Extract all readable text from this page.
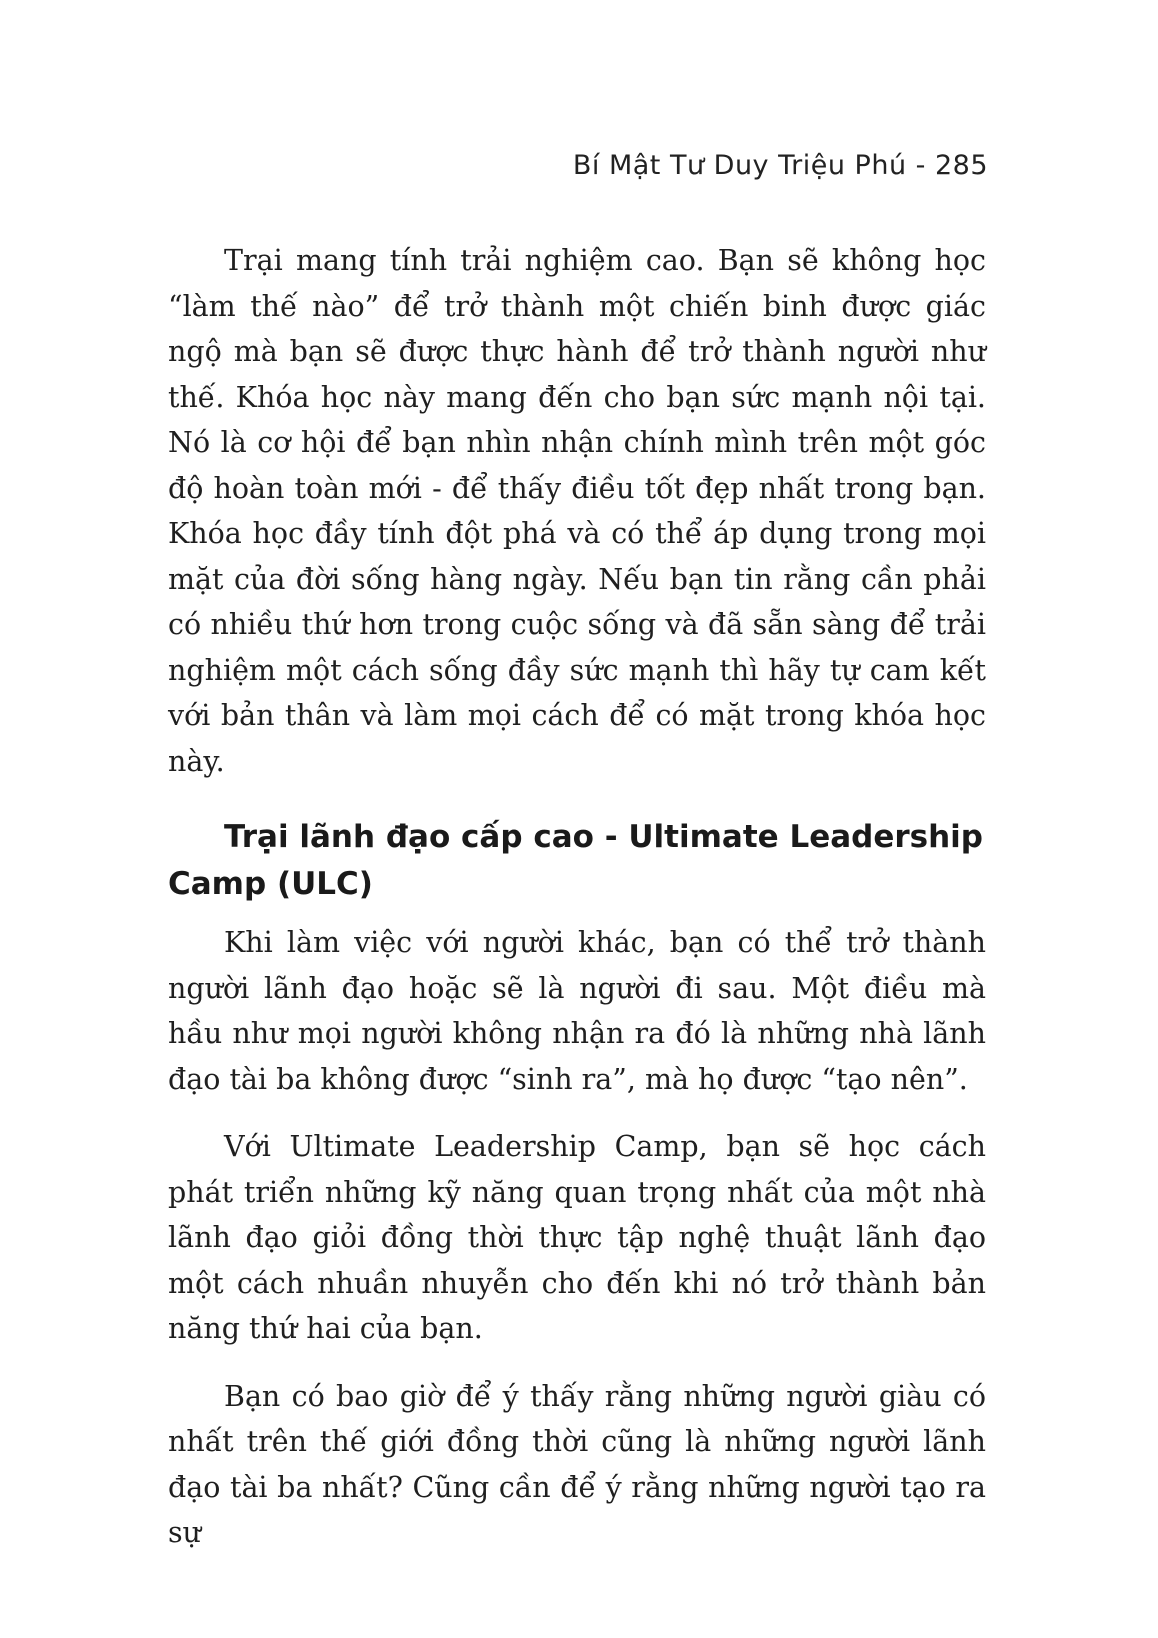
Bí Mật Tư Duy Triệu Phú - 285

Trại mang tính trải nghiệm cao. Bạn sẽ không học “làm thế nào” để trở thành một chiến binh được giác ngộ mà bạn sẽ được thực hành để trở thành người như thế. Khóa học này mang đến cho bạn sức mạnh nội tại. Nó là cơ hội để bạn nhìn nhận chính mình trên một góc độ hoàn toàn mới - để thấy điều tốt đẹp nhất trong bạn. Khóa học đầy tính đột phá và có thể áp dụng trong mọi mặt của đời sống hàng ngày. Nếu bạn tin rằng cần phải có nhiều thứ hơn trong cuộc sống và đã sẵn sàng để trải nghiệm một cách sống đầy sức mạnh thì hãy tự cam kết với bản thân và làm mọi cách để có mặt trong khóa học này.

Trại lãnh đạo cấp cao - Ultimate Leadership Camp (ULC)

Khi làm việc với người khác, bạn có thể trở thành người lãnh đạo hoặc sẽ là người đi sau. Một điều mà hầu như mọi người không nhận ra đó là những nhà lãnh đạo tài ba không được “sinh ra”, mà họ được “tạo nên”.

Với Ultimate Leadership Camp, bạn sẽ học cách phát triển những kỹ năng quan trọng nhất của một nhà lãnh đạo giỏi đồng thời thực tập nghệ thuật lãnh đạo một cách nhuần nhuyễn cho đến khi nó trở thành bản năng thứ hai của bạn.

Bạn có bao giờ để ý thấy rằng những người giàu có nhất trên thế giới đồng thời cũng là những người lãnh đạo tài ba nhất? Cũng cần để ý rằng những người tạo ra sự
